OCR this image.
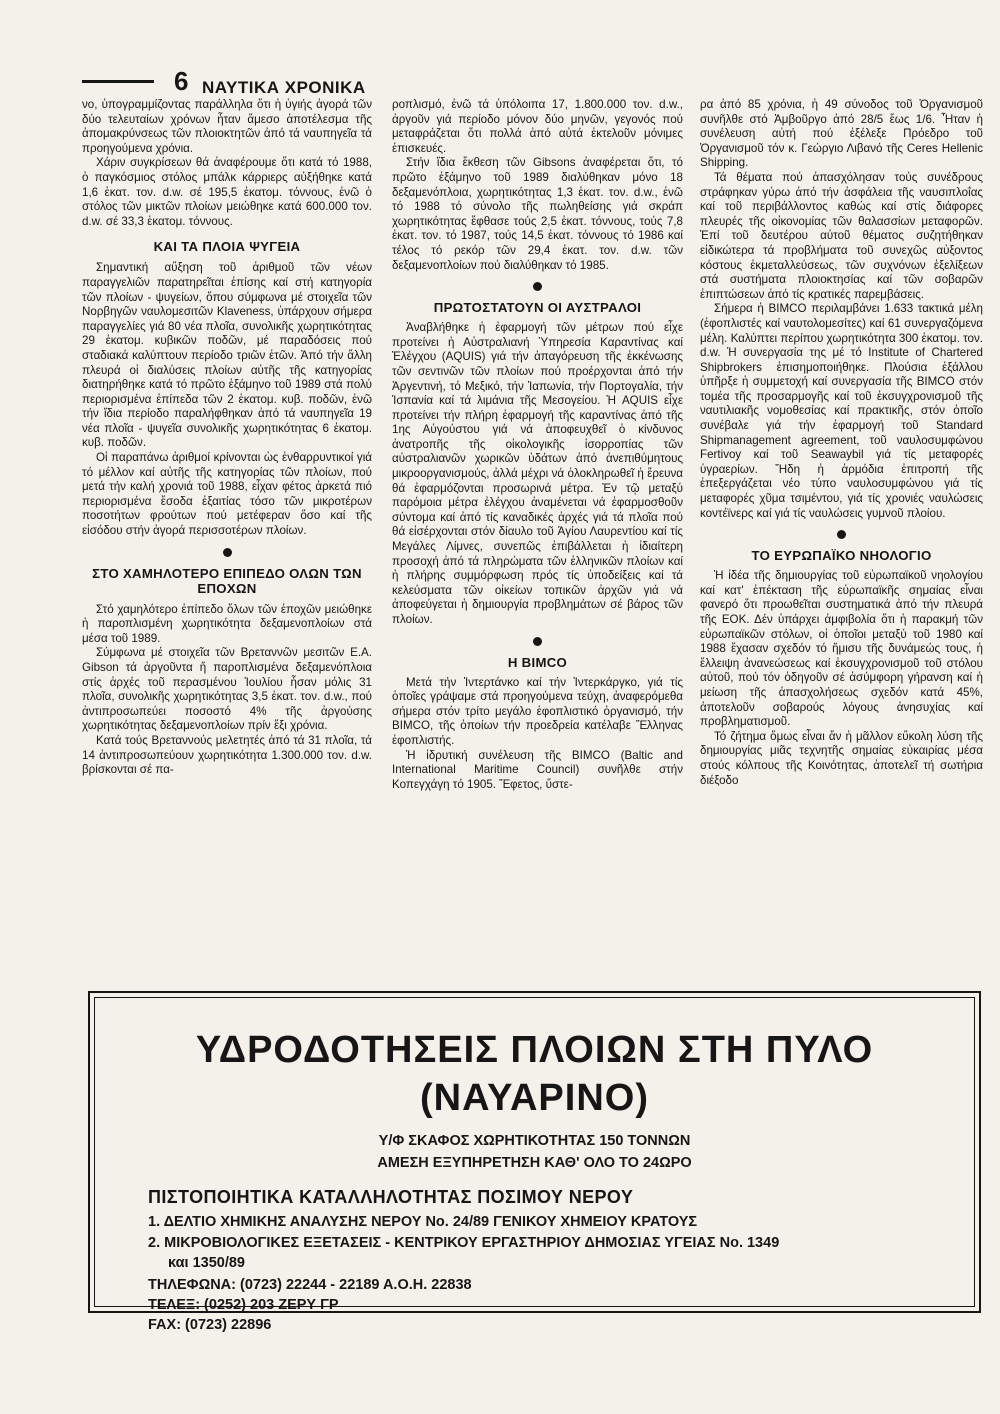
6 ΝΑΥΤΙΚΑ ΧΡΟΝΙΚΑ

νο, ὑπογραμμίζοντας παράλληλα ὅτι ἡ ὑγιής ἀγορά τῶν δύο τελευταίων χρόνων ἦταν ἄμεσο ἀποτέλεσμα τῆς ἀπομακρύνσεως τῶν πλοιοκτητῶν ἀπό τά ναυπηγεῖα τά προηγούμενα χρόνια.

Χάριν συγκρίσεων θά ἀναφέρουμε ὅτι κατά τό 1988, ὁ παγκόσμιος στόλος μπάλκ κάρριερς αὐξήθηκε κατά 1,6 ἑκατ. τον. d.w. σέ 195,5 ἑκατομ. τόννους, ἐνῶ ὁ στόλος τῶν μικτῶν πλοίων μειώθηκε κατά 600.000 τον. d.w. σέ 33,3 ἑκατομ. τόννους.

ΚΑΙ ΤΑ ΠΛΟΙΑ ΨΥΓΕΙΑ

Σημαντική αὔξηση τοῦ ἀριθμοῦ τῶν νέων παραγγελιῶν παρατηρεῖται ἐπίσης καί στή κατηγορία τῶν πλοίων - ψυγείων, ὅπου σύμφωνα μέ στοιχεῖα τῶν Νορβηγῶν ναυλομεσιτῶν Klaveness, ὑπάρχουν σήμερα παραγγελίες γιά 80 νέα πλοῖα, συνολικῆς χωρητικότητας 29 ἑκατομ. κυβικῶν ποδῶν, μέ παραδόσεις πού σταδιακά καλύπτουν περίοδο τριῶν ἐτῶν. Ἀπό τήν ἄλλη πλευρά οἱ διαλύσεις πλοίων αὐτῆς τῆς κατηγορίας διατηρήθηκε κατά τό πρῶτο ἑξάμηνο τοῦ 1989 στά πολύ περιορισμένα ἐπίπεδα τῶν 2 ἑκατομ. κυβ. ποδῶν, ἐνῶ τήν ἴδια περίοδο παραλήφθηκαν ἀπό τά ναυπηγεῖα 19 νέα πλοῖα - ψυγεῖα συνολικῆς χωρητικότητας 6 ἑκατομ. κυβ. ποδῶν.

Οἱ παραπάνω ἀριθμοί κρίνονται ὡς ἐνθαρρυντικοί γιά τό μέλλον καί αὐτῆς τῆς κατηγορίας τῶν πλοίων, πού μετά τήν καλή χρονιά τοῦ 1988, εἶχαν φέτος ἀρκετά πιό περιορισμένα ἔσοδα ἐξαιτίας τόσο τῶν μικροτέρων ποσοτήτων φρούτων πού μετέφεραν ὅσο καί τῆς εἰσόδου στήν ἀγορά περισσοτέρων πλοίων.

ΣΤΟ ΧΑΜΗΛΟΤΕΡΟ ΕΠΙΠΕΔΟ ΟΛΩΝ ΤΩΝ ΕΠΟΧΩΝ

Στό χαμηλότερο ἐπίπεδο ὅλων τῶν ἐποχῶν μειώθηκε ἡ παροπλισμένη χωρητικότητα δεξαμενοπλοίων στά μέσα τοῦ 1989.

Σύμφωνα μέ στοιχεῖα τῶν Βρεταννῶν μεσιτῶν E.A. Gibson τά ἀργοῦντα ἤ παροπλισμένα δεξαμενόπλοια στίς ἀρχές τοῦ περασμένου Ἰουλίου ἦσαν μόλις 31 πλοῖα, συνολικῆς χωρητικότητας 3,5 ἑκατ. τον. d.w., πού ἀντιπροσωπεύει ποσοστό 4% τῆς ἀργούσης χωρητικότητας δεξαμενοπλοίων πρίν ἕξι χρόνια.

Κατά τούς Βρεταννούς μελετητές ἀπό τά 31 πλοῖα, τά 14 ἀντιπροσωπεύουν χωρητικότητα 1.300.000 τον. d.w. βρίσκονται σέ πα-

ροπλισμό, ἐνῶ τά ὑπόλοιπα 17, 1.800.000 τον. d.w., ἀργοῦν γιά περίοδο μόνον δύο μηνῶν, γεγονός πού μεταφράζεται ὅτι πολλά ἀπό αὐτά ἐκτελοῦν μόνιμες ἐπισκευές.

Στήν ἴδια ἔκθεση τῶν Gibsons ἀναφέρεται ὅτι, τό πρῶτο ἑξάμηνο τοῦ 1989 διαλύθηκαν μόνο 18 δεξαμενόπλοια, χωρητικότητας 1,3 ἑκατ. τον. d.w., ἐνῶ τό 1988 τό σύνολο τῆς πωληθείσης γιά σκράπ χωρητικότητας ἔφθασε τούς 2,5 ἑκατ. τόννους, τούς 7,8 ἑκατ. τον. τό 1987, τούς 14,5 ἑκατ. τόννους τό 1986 καί τέλος τό ρεκόρ τῶν 29,4 ἑκατ. τον. d.w. τῶν δεξαμενοπλοίων πού διαλύθηκαν τό 1985.

ΠΡΩΤΟΣΤΑΤΟΥΝ ΟΙ ΑΥΣΤΡΑΛΟΙ

Ἀναβλήθηκε ἡ ἐφαρμογή τῶν μέτρων πού εἶχε προτείνει ἡ Αὐστραλιανή Ὑπηρεσία Καραντίνας καί Ἐλέγχου (AQUIS) γιά τήν ἀπαγόρευση τῆς ἐκκένωσης τῶν σεντινῶν τῶν πλοίων πού προέρχονται ἀπό τήν Ἀργεντινή, τό Μεξικό, τήν Ἰαπωνία, τήν Πορτογαλία, τήν Ἰσπανία καί τά λιμάνια τῆς Μεσογείου. Ἡ AQUIS εἶχε προτείνει τήν πλήρη ἐφαρμογή τῆς καραντίνας ἀπό τῆς 1ης Αὐγούστου γιά νά ἀποφευχθεῖ ὁ κίνδυνος ἀνατροπῆς τῆς οἰκολογικῆς ἰσορροπίας τῶν αὐστραλιανῶν χωρικῶν ὑδάτων ἀπό ἀνεπιθύμητους μικροοργανισμούς, ἀλλά μέχρι νά ὁλοκληρωθεῖ ἡ ἔρευνα θά ἐφαρμόζονται προσωρινά μέτρα. Ἐν τῷ μεταξύ παρόμοια μέτρα ἐλέγχου ἀναμένεται νά ἐφαρμοσθοῦν σύντομα καί ἀπό τίς καναδικές ἀρχές γιά τά πλοῖα πού θά εἰσέρχονται στόν δίαυλο τοῦ Ἁγίου Λαυρεντίου καί τίς Μεγάλες Λίμνες, συνεπῶς ἐπιβάλλεται ἡ ἰδιαίτερη προσοχή ἀπό τά πληρώματα τῶν ἑλληνικῶν πλοίων καί ἡ πλήρης συμμόρφωση πρός τίς ὑποδείξεις καί τά κελεύσματα τῶν οἰκείων τοπικῶν ἀρχῶν γιά νά ἀποφεύγεται ἡ δημιουργία προβλημάτων σέ βάρος τῶν πλοίων.

Η BIMCO

Μετά τήν Ἰντερτάνκο καί τήν Ἰντερκάργκο, γιά τίς ὁποῖες γράψαμε στά προηγούμενα τεύχη, ἀναφερόμεθα σήμερα στόν τρίτο μεγάλο ἐφοπλιστικό ὀργανισμό, τήν BIMCO, τῆς ὁποίων τήν προεδρεία κατέλαβε Ἕλληνας ἐφοπλιστής.

Ἡ ἱδρυτική συνέλευση τῆς BIMCO (Baltic and International Maritime Council) συνῆλθε στήν Κοπεγχάγη τό 1905. Ἔφετος, ὕστε-

ρα ἀπό 85 χρόνια, ἡ 49 σύνοδος τοῦ Ὀργανισμοῦ συνῆλθε στό Ἀμβοῦργο ἀπό 28/5 ἕως 1/6. Ἦταν ἡ συνέλευση αὐτή πού ἐξέλεξε Πρόεδρο τοῦ Ὀργανισμοῦ τόν κ. Γεώργιο Λιβανό τῆς Ceres Hellenic Shipping.

Τά θέματα πού ἀπασχόλησαν τούς συνέδρους στράφηκαν γύρω ἀπό τήν ἀσφάλεια τῆς ναυσιπλοΐας καί τοῦ περιβάλλοντος καθώς καί στίς διάφορες πλευρές τῆς οἰκονομίας τῶν θαλασσίων μεταφορῶν. Ἐπί τοῦ δευτέρου αὐτοῦ θέματος συζητήθηκαν εἰδικώτερα τά προβλήματα τοῦ συνεχῶς αὐξοντος κόστους ἐκμεταλλεύσεως, τῶν συχνόνων ἐξελίξεων στά συστήματα πλοιοκτησίας καί τῶν σοβαρῶν ἐπιπτώσεων ἀπό τίς κρατικές παρεμβάσεις.

Σήμερα ἡ BIMCO περιλαμβάνει 1.633 τακτικά μέλη (ἐφοπλιστές καί ναυτολομεσίτες) καί 61 συνεργαζόμενα μέλη. Καλύπτει περίπου χωρητικότητα 300 ἑκατομ. τον. d.w. Ἡ συνεργασία της μέ τό Institute of Chartered Shipbrokers ἐπισημοποιήθηκε. Πλούσια ἐξάλλου ὑπῆρξε ἡ συμμετοχή καί συνεργασία τῆς BIMCO στόν τομέα τῆς προσαρμογῆς καί τοῦ ἐκσυγχρονισμοῦ τῆς ναυτιλιακῆς νομοθεσίας καί πρακτικῆς, στόν ὁποῖο συνέβαλε γιά τήν ἐφαρμογή τοῦ Standard Shipmanagement agreement, τοῦ ναυλοσυμφώνου Fertivoy καί τοῦ Seawaybil γιά τίς μεταφορές ὑγραερίων. Ἤδη ἡ ἁρμόδια ἐπιτροπή τῆς ἐπεξεργάζεται νέο τύπο ναυλοσυμφώνου γιά τίς μεταφορές χῦμα τσιμέντου, γιά τίς χρονιές ναυλώσεις κοντέϊνερς καί γιά τίς ναυλώσεις γυμνοῦ πλοίου.

ΤΟ ΕΥΡΩΠΑΪΚΟ ΝΗΟΛΟΓΙΟ

Ἡ ἰδέα τῆς δημιουργίας τοῦ εὐρωπαϊκοῦ νηολογίου καί κατ' ἐπέκταση τῆς εὐρωπαϊκῆς σημαίας εἶναι φανερό ὅτι προωθεῖται συστηματικά ἀπό τήν πλευρά τῆς ΕΟΚ. Δέν ὑπάρχει ἀμφιβολία ὅτι ἡ παρακμή τῶν εὐρωπαϊκῶν στόλων, οἱ ὁποῖοι μεταξύ τοῦ 1980 καί 1988 ἔχασαν σχεδόν τό ἥμισυ τῆς δυνάμεώς τους, ἡ ἔλλειψη ἀνανεώσεως καί ἐκσυγχρονισμοῦ τοῦ στόλου αὐτοῦ, πού τόν ὁδηγοῦν σέ ἀσύμφορη γήρανση καί ἡ μείωση τῆς ἀπασχολήσεως σχεδόν κατά 45%, ἀποτελοῦν σοβαρούς λόγους ἀνησυχίας καί προβληματισμοῦ.

Τό ζήτημα ὅμως εἶναι ἄν ἡ μᾶλλον εὔκολη λύση τῆς δημιουργίας μιᾶς τεχνητῆς σημαίας εὐκαιρίας μέσα στούς κόλπους τῆς Κοινότητας, ἀποτελεῖ τή σωτήρια διέξοδο

ΥΔΡΟΔΟΤΗΣΕΙΣ ΠΛΟΙΩΝ ΣΤΗ ΠΥΛΟ
(ΝΑΥΑΡΙΝΟ)
Υ/Φ ΣΚΑΦΟΣ ΧΩΡΗΤΙΚΟΤΗΤΑΣ 150 ΤΟΝΝΩΝ
ΑΜΕΣΗ ΕΞΥΠΗΡΕΤΗΣΗ ΚΑΘ' ΟΛΟ ΤΟ 24ΩΡΟ
ΠΙΣΤΟΠΟΙΗΤΙΚΑ ΚΑΤΑΛΛΗΛΟΤΗΤΑΣ ΠΟΣΙΜΟΥ ΝΕΡΟΥ
1. ΔΕΛΤΙΟ ΧΗΜΙΚΗΣ ΑΝΑΛΥΣΗΣ ΝΕΡΟΥ Νο. 24/89 ΓΕΝΙΚΟΥ ΧΗΜΕΙΟΥ ΚΡΑΤΟΥΣ
2. ΜΙΚΡΟΒΙΟΛΟΓΙΚΕΣ ΕΞΕΤΑΣΕΙΣ - ΚΕΝΤΡΙΚΟΥ ΕΡΓΑΣΤΗΡΙΟΥ ΔΗΜΟΣΙΑΣ ΥΓΕΙΑΣ Νο. 1349
και 1350/89
ΤΗΛΕΦΩΝΑ: (0723) 22244 - 22189 Α.Ο.Η. 22838
ΤΕΛΕΞ: (0252) 203 ΖΕΡΥ ΓΡ
FAX: (0723) 22896
